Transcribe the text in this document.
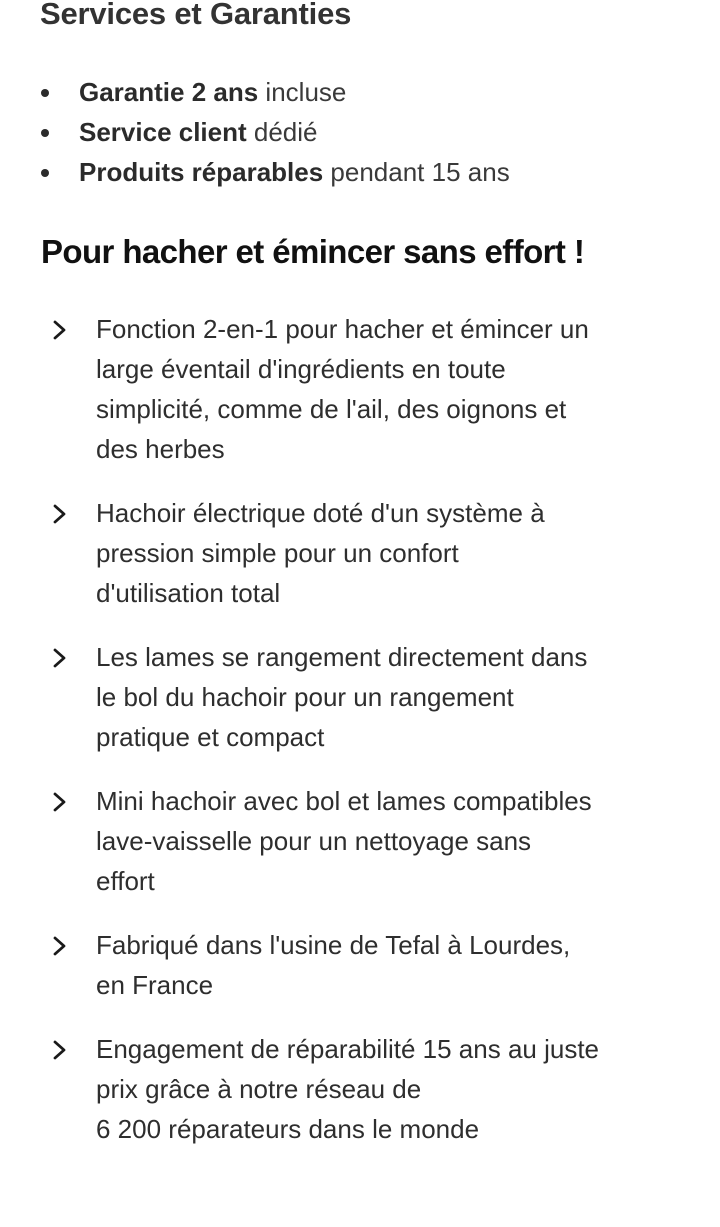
Services et Garanties
Garantie 2 ans incluse
Service client dédié
Produits réparables pendant 15 ans
Pour hacher et émincer sans effort !
Fonction 2-en-1 pour hacher et émincer un
large éventail d'ingrédients en toute
simplicité, comme de l'ail, des oignons et
des herbes
Hachoir électrique doté d'un système à
pression simple pour un confort
d'utilisation total
Les lames se rangement directement dans
le bol du hachoir pour un rangement
pratique et compact
Mini hachoir avec bol et lames compatibles
lave-vaisselle pour un nettoyage sans
effort
Fabriqué dans l'usine de Tefal à Lourdes,
en France
Engagement de réparabilité 15 ans au juste
prix grâce à notre réseau de
6 200 réparateurs dans le monde
